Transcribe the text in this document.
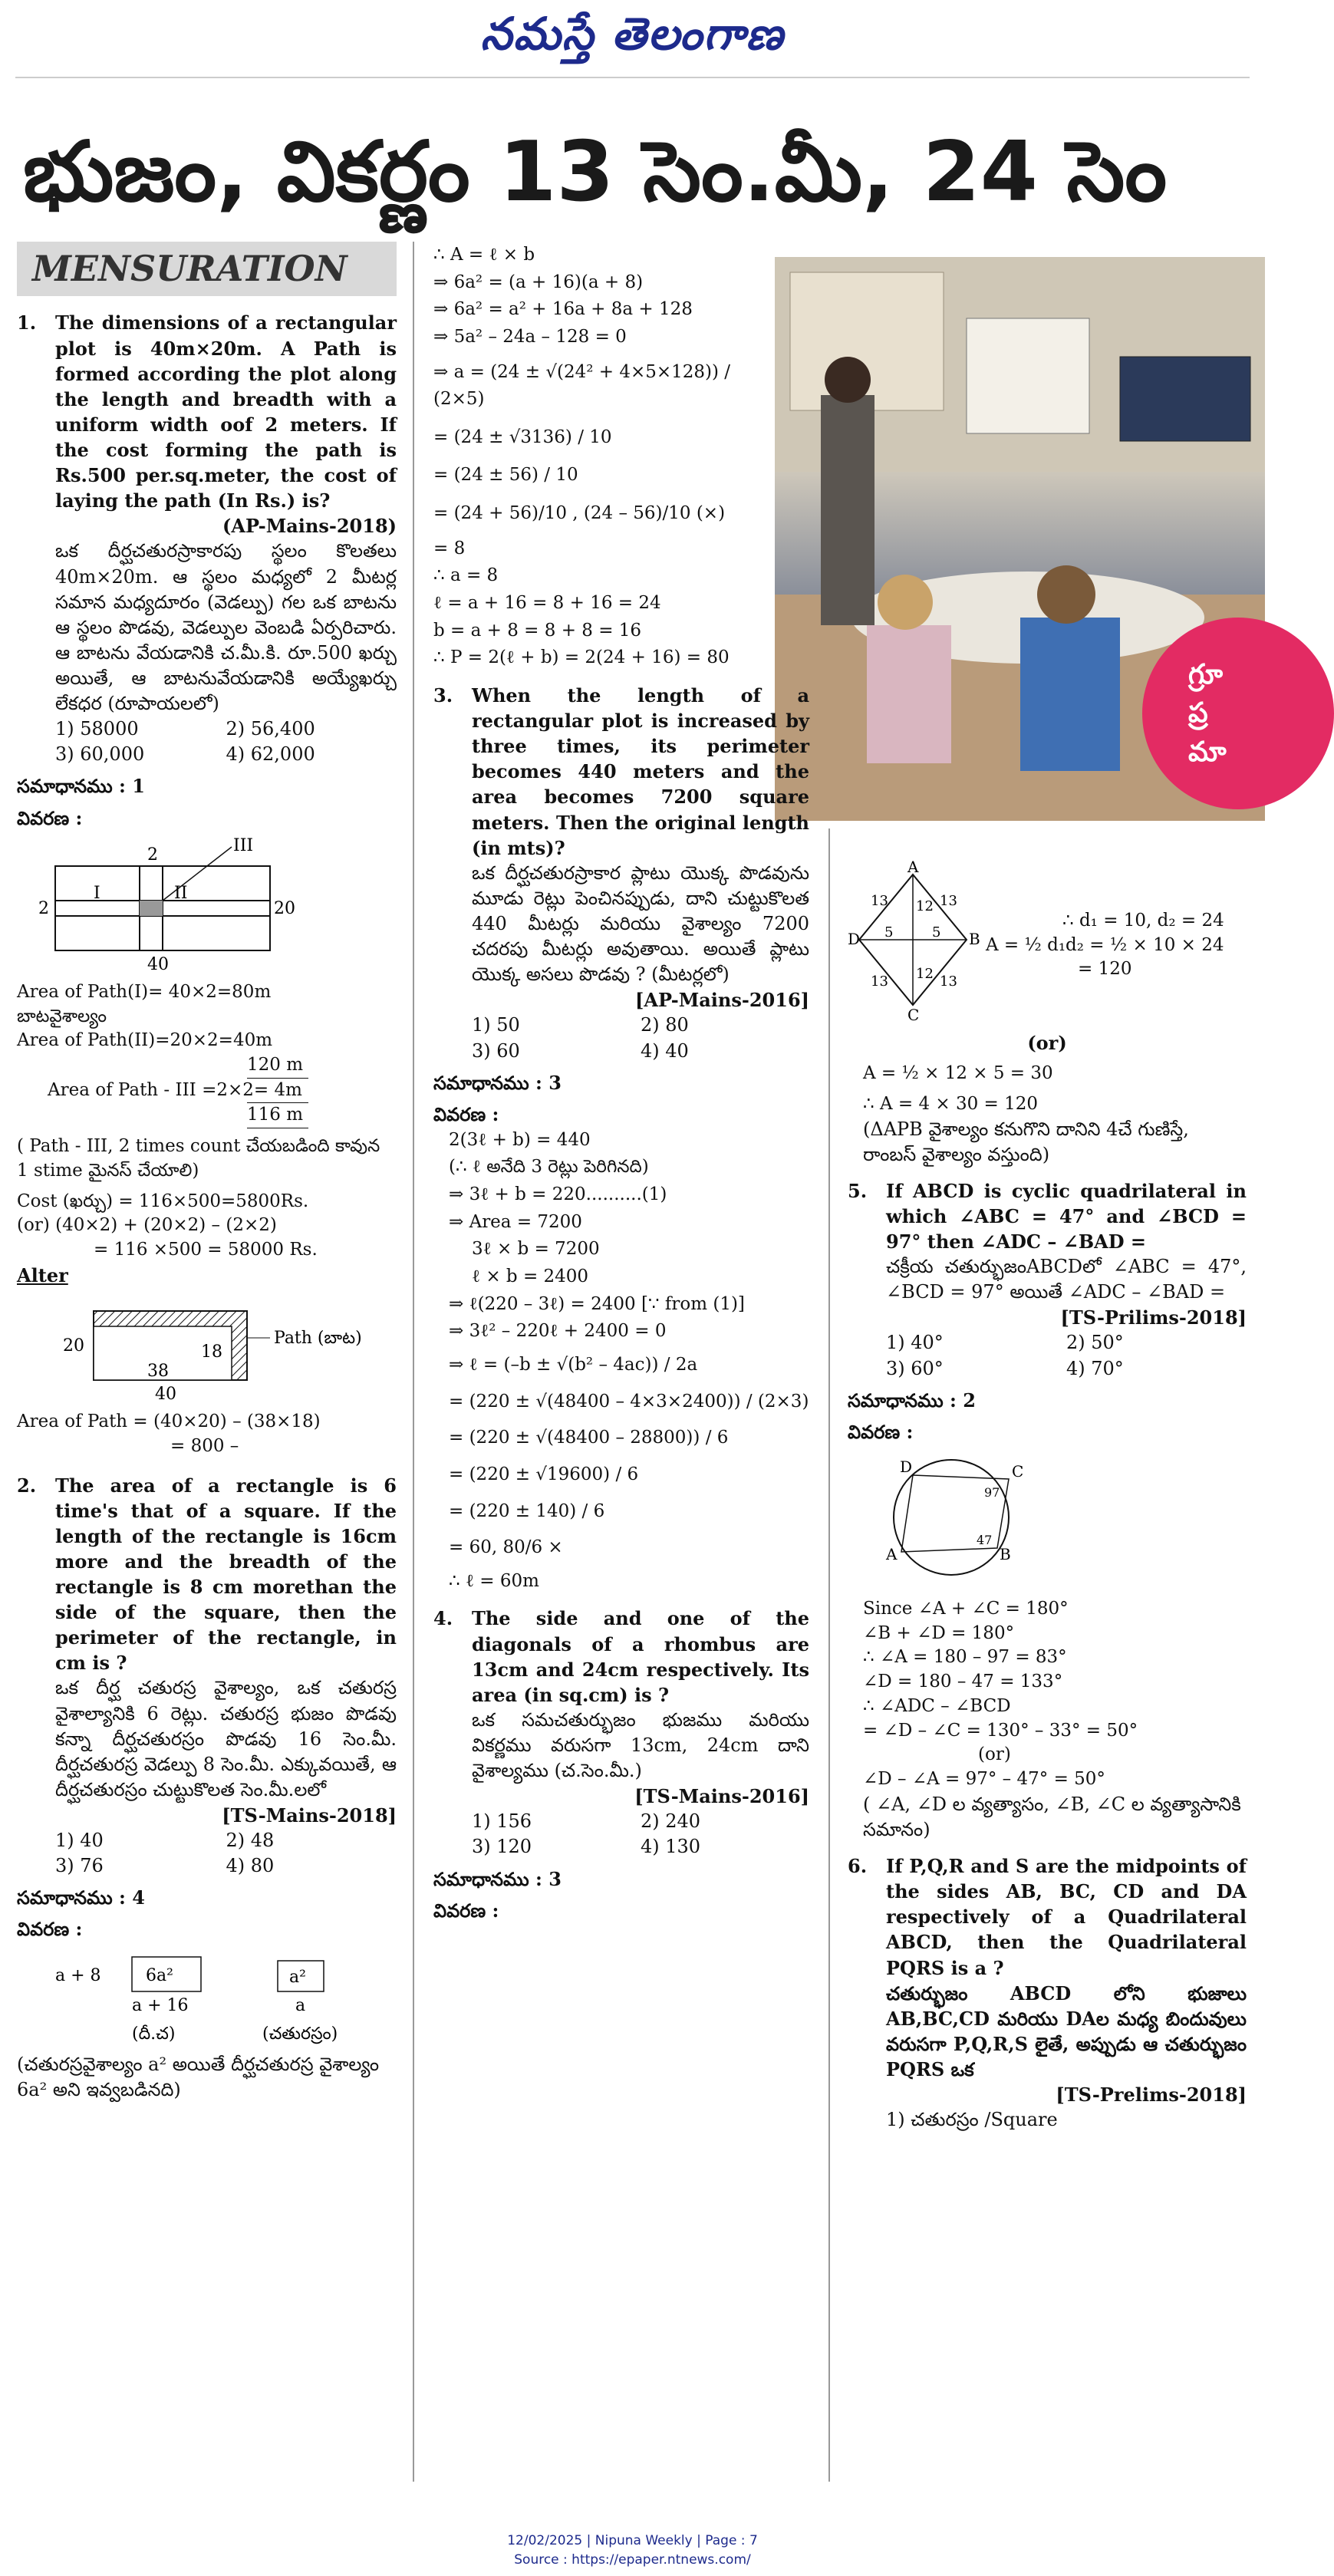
నమస్తే తెలంగాణ
భుజం, వికర్ణం 13 సెం.మీ, 24 సెం
MENSURATION
1.	The dimensions of a rectangular plot is 40m×20m. A Path is formed according the plot along the length and breadth with a uniform width oof 2 meters. If the cost forming the path is Rs.500 per.sq.meter, the cost of laying the path (In Rs.) is?
(AP-Mains-2018)
ఒక దీర్ఘచతురస్రాకారపు స్థలం కొలతలు 40m×20m. ఆ స్థలం మధ్యలో 2 మీటర్ల సమాన మధ్యదూరం (వెడల్పు) గల ఒక బాటను ఆ స్థలం పొడవు, వెడల్పుల వెంబడి ఏర్పరిచారు. ఆ బాటను వేయడానికి చ.మీ.కి. రూ.500 ఖర్చు అయితే, ఆ బాటనువేయడానికి అయ్యేఖర్చు లేకధర (రూపాయలలో)
1) 58000	2) 56,400
3) 60,000	4) 62,000
సమాధానము : 1
వివరణ :
2	III
I	II
20
40
2
Area of Path(I)= 40×2=80m
బాటవైశాల్యం
Area of Path(II)=20×2=40m
120 m
Area of Path - III =2×2= 4m
116 m
( Path - III, 2 times count చేయబడింది కావున 1 stime మైనస్ చేయాలి)
Cost (ఖర్చు) = 116×500=5800Rs.
(or) (40×2) + (20×2) – (2×2)
= 116 ×500 = 58000 Rs.
Alter
Path (బాట)
20	18
38
40
Area of Path = (40×20) – (38×18)
= 800 –
2.	The area of a rectangle is 6 time's that of a square. If the length of the rectangle is 16cm more and the breadth of the rectangle is 8 cm morethan the side of the square, then the perimeter of the rectangle, in cm is ?
ఒక దీర్ఘ చతురస్ర వైశాల్యం, ఒక చతురస్ర వైశాల్యానికి 6 రెట్లు. చతురస్ర భుజం పొడవు కన్నా దీర్ఘచతురస్రం పొడవు 16 సెం.మీ. దీర్ఘచతురస్ర వెడల్పు 8 సెం.మీ. ఎక్కువయితే, ఆ దీర్ఘచతురస్రం చుట్టుకొలత సెం.మీ.లలో
[TS-Mains-2018]
1) 40	2) 48
3) 76	4) 80
సమాధానము : 4
వివరణ :
6a²
a + 8
a + 16
a²
a
(దీ.చ)	(చతురస్రం)
(చతురస్రవైశాల్యం a² అయితే దీర్ఘచతురస్ర వైశాల్యం 6a² అని ఇవ్వబడినది)
గ్రూ
ప్ర
మా
∴ A = ℓ × b
⇒ 6a² = (a + 16)(a + 8)
⇒ 6a² = a² + 16a + 8a + 128
⇒ 5a² – 24a – 128 = 0
⇒ a = (24 ± √(24² + 4×5×128)) / (2×5)
= (24 ± √3136) / 10
= (24 ± 56) / 10
= (24 + 56)/10 , (24 – 56)/10 (×)
= 8
∴ a = 8
ℓ = a + 16 = 8 + 16 = 24
b = a + 8 = 8 + 8 = 16
∴ P = 2(ℓ + b) = 2(24 + 16) = 80
3.	When the length of a rectangular plot is increased by three times, its perimeter becomes 440 meters and the area becomes 7200 square meters. Then the original length (in mts)?
ఒక దీర్ఘచతురస్రాకార ప్లాటు యొక్క పొడవును మూడు రెట్లు పెంచినప్పుడు, దాని చుట్టుకొలత 440 మీటర్లు మరియు వైశాల్యం 7200 చదరపు మీటర్లు అవుతాయి. అయితే ప్లాటు యొక్క అసలు పొడవు ? (మీటర్లలో)
[AP-Mains-2016]
1) 50	2) 80
3) 60	4) 40
సమాధానము : 3
వివరణ :
2(3ℓ + b) = 440
(∴ ℓ అనేది 3 రెట్లు పెరిగినది)
⇒ 3ℓ + b = 220..........(1)
⇒ Area = 7200
3ℓ × b = 7200
ℓ × b = 2400
⇒ ℓ(220 – 3ℓ) = 2400 [∵ from (1)]
⇒ 3ℓ² – 220ℓ + 2400 = 0
⇒ ℓ = (–b ± √(b² – 4ac)) / 2a
= (220 ± √(48400 – 4×3×2400)) / (2×3)
= (220 ± √(48400 – 28800)) / 6
= (220 ± √19600) / 6
= (220 ± 140) / 6
= 60, 80/6 ×
∴ ℓ = 60m
4.	The side and one of the diagonals of a rhombus are 13cm and 24cm respectively. Its area (in sq.cm) is ?
ఒక సమచతుర్భుజం భుజము మరియు వికర్ణము వరుసగా 13cm, 24cm దాని వైశాల్యము (చ.సెం.మీ.)
[TS-Mains-2016]
1) 156	2) 240
3) 120	4) 130
సమాధానము : 3
వివరణ :
A
B
C
D
13	13
13	13
12
12
5	5
∴ d₁ = 10, d₂ = 24
A = ½ d₁d₂ = ½ × 10 × 24
= 120
(or)
A = ½ × 12 × 5 = 30
∴ A = 4 × 30 = 120
(ΔAPB వైశాల్యం కనుగొని దానిని 4చే గుణిస్తే, రాంబస్ వైశాల్యం వస్తుంది)
5.	If ABCD is cyclic quadrilateral in which ∠ABC = 47° and ∠BCD = 97° then ∠ADC – ∠BAD =
చక్రీయ చతుర్భుజంABCDలో ∠ABC = 47°, ∠BCD = 97° అయితే ∠ADC – ∠BAD =
[TS-Prilims-2018]
1) 40°	2) 50°
3) 60°	4) 70°
సమాధానము : 2
వివరణ :
D	C
B
A
97
47
Since ∠A + ∠C = 180°
∠B + ∠D = 180°
∴ ∠A = 180 – 97 = 83°
∠D = 180 – 47 = 133°
∴ ∠ADC – ∠BCD
= ∠D – ∠C = 130° – 33° = 50°
(or)
∠D – ∠A = 97° – 47° = 50°
( ∠A, ∠D ల వ్యత్యాసం, ∠B, ∠C ల వ్యత్యాసానికి సమానం)
6.	If P,Q,R and S are the midpoints of the sides AB, BC, CD and DA respectively of a Quadrilateral ABCD, then the Quadrilateral PQRS is a ?
చతుర్భుజం ABCD లోని భుజాలు AB,BC,CD మరియు DAల మధ్య బిందువులు వరుసగా P,Q,R,S లైతే, అప్పుడు ఆ చతుర్భుజం PQRS ఒక
[TS-Prelims-2018]
1) చతురస్రం /Square
12/02/2025 | Nipuna Weekly | Page : 7
Source : https://epaper.ntnews.com/
